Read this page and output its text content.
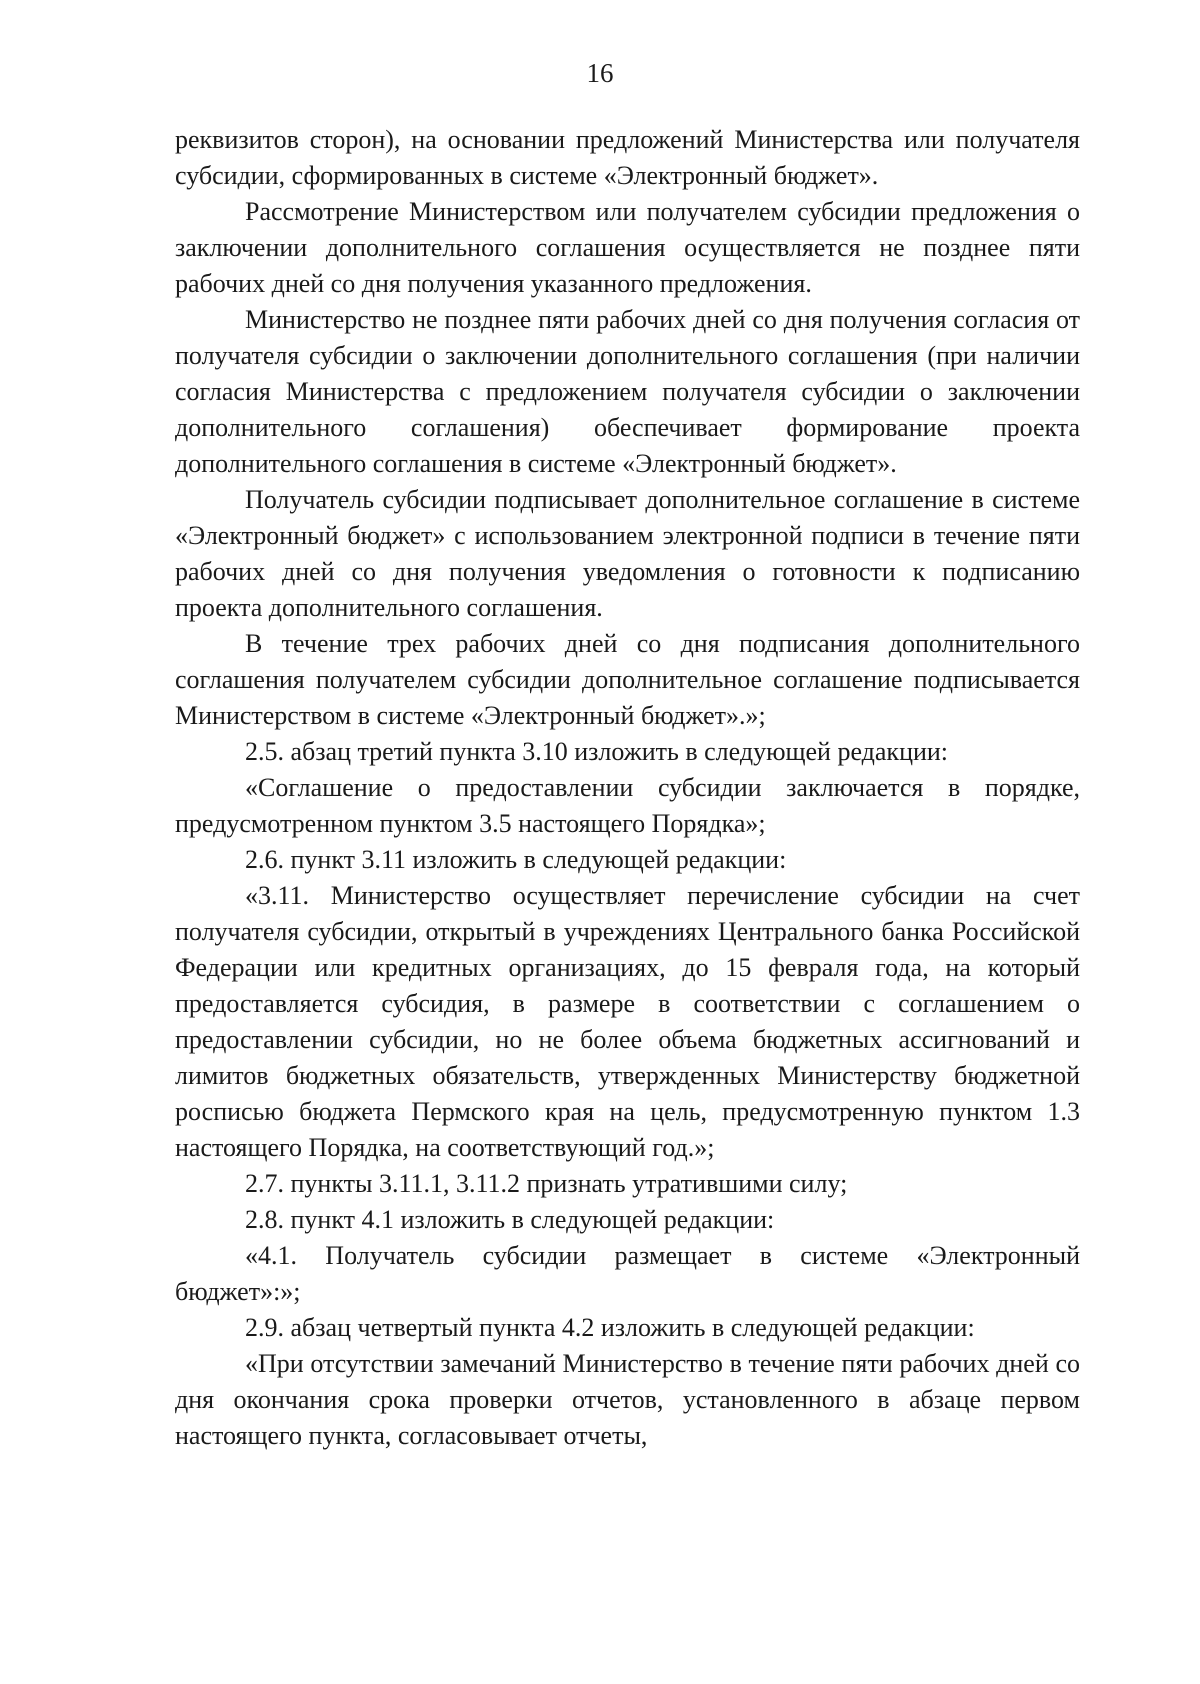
16

реквизитов сторон), на основании предложений Министерства или получателя субсидии, сформированных в системе «Электронный бюджет».

Рассмотрение Министерством или получателем субсидии предложения о заключении дополнительного соглашения осуществляется не позднее пяти рабочих дней со дня получения указанного предложения.

Министерство не позднее пяти рабочих дней со дня получения согласия от получателя субсидии о заключении дополнительного соглашения (при наличии согласия Министерства с предложением получателя субсидии о заключении дополнительного соглашения) обеспечивает формирование проекта дополнительного соглашения в системе «Электронный бюджет».

Получатель субсидии подписывает дополнительное соглашение в системе «Электронный бюджет» с использованием электронной подписи в течение пяти рабочих дней со дня получения уведомления о готовности к подписанию проекта дополнительного соглашения.

В течение трех рабочих дней со дня подписания дополнительного соглашения получателем субсидии дополнительное соглашение подписывается Министерством в системе «Электронный бюджет».»;

2.5. абзац третий пункта 3.10 изложить в следующей редакции:

«Соглашение о предоставлении субсидии заключается в порядке, предусмотренном пунктом 3.5 настоящего Порядка»;

2.6. пункт 3.11 изложить в следующей редакции:

«3.11. Министерство осуществляет перечисление субсидии на счет получателя субсидии, открытый в учреждениях Центрального банка Российской Федерации или кредитных организациях, до 15 февраля года, на который предоставляется субсидия, в размере в соответствии с соглашением о предоставлении субсидии, но не более объема бюджетных ассигнований и лимитов бюджетных обязательств, утвержденных Министерству бюджетной росписью бюджета Пермского края на цель, предусмотренную пунктом 1.3 настоящего Порядка, на соответствующий год.»;

2.7. пункты 3.11.1, 3.11.2 признать утратившими силу;

2.8. пункт 4.1 изложить в следующей редакции:

«4.1. Получатель субсидии размещает в системе «Электронный бюджет»:»;

2.9. абзац четвертый пункта 4.2 изложить в следующей редакции:

«При отсутствии замечаний Министерство в течение пяти рабочих дней со дня окончания срока проверки отчетов, установленного в абзаце первом настоящего пункта, согласовывает отчеты,
